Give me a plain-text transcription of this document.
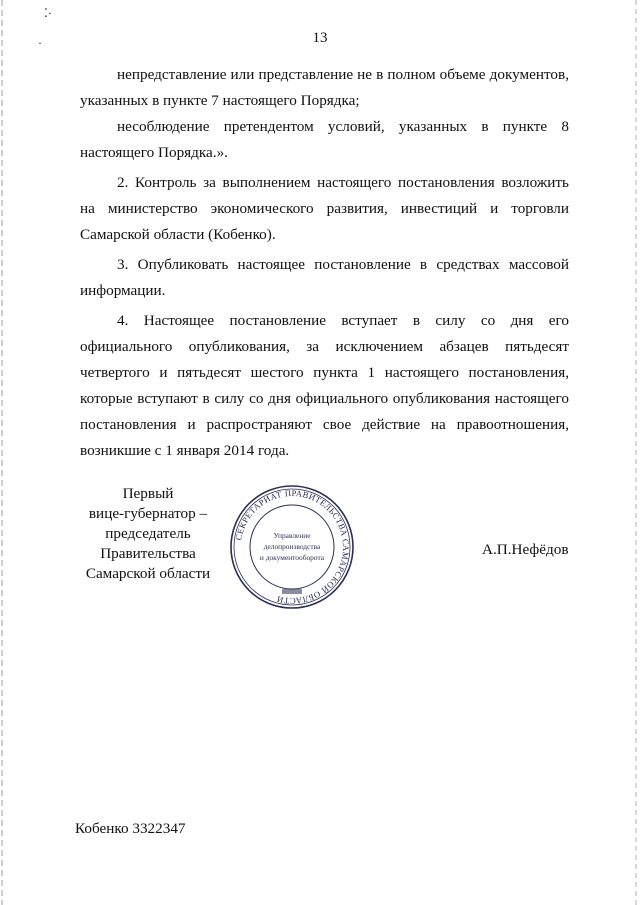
⁚·
·	13

непредставление или представление не в полном объеме документов, указанных в пункте 7 настоящего Порядка;

несоблюдение претендентом условий, указанных в пункте 8 настоящего Порядка.».

2. Контроль за выполнением настоящего постановления возложить на министерство экономического развития, инвестиций и торговли Самарской области (Кобенко).

3. Опубликовать настоящее постановление в средствах массовой информации.

4. Настоящее постановление вступает в силу со дня его официального опубликования, за исключением абзацев пятьдесят четвертого и пятьдесят шестого пункта 1 настоящего постановления, которые вступают в силу со дня официального опубликования настоящего постановления и распространяют свое действие на правоотношения, возникшие с 1 января 2014 года.

Первый
вице-губернатор –
председатель Правительства
Самарской области
СЕКРЕТАРИАТ ПРАВИТЕЛЬСТВА САМАРСКОЙ ОБЛАСТИ
Управление
делопроизводства
и документооборота	А.П.Нефёдов
Кобенко 3322347
